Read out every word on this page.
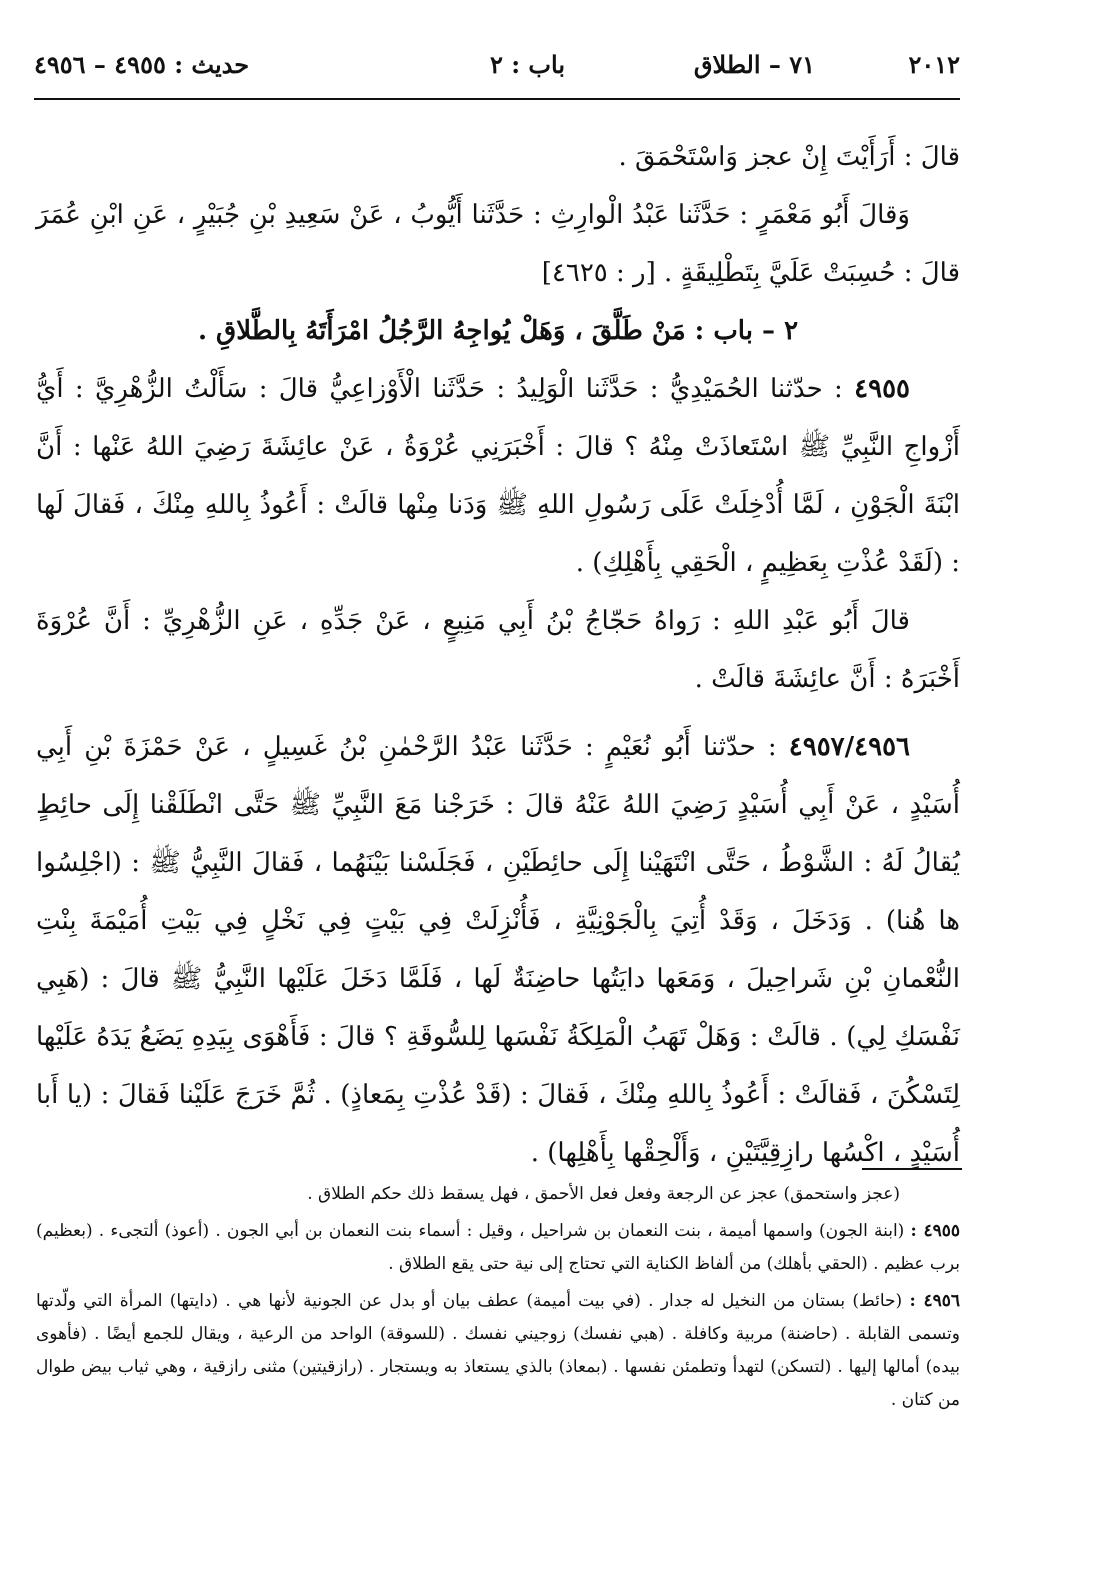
٢٠١٢
٧١ – الطلاق
باب : ٢
حديث : ٤٩٥٥ – ٤٩٥٦

قالَ : أَرَأَيْتَ إِنْ عجز وَاسْتَحْمَقَ .

وَقالَ أَبُو مَعْمَرٍ : حَدَّثَنا عَبْدُ الْوارِثِ : حَدَّثَنا أَيُّوبُ ، عَنْ سَعِيدِ بْنِ جُبَيْرٍ ، عَنِ ابْنِ عُمَرَ قالَ : حُسِبَتْ عَلَيَّ بِتَطْلِيقَةٍ . [ر : ٤٦٢٥]

٢ – باب : مَنْ طَلَّقَ ، وَهَلْ يُواجِهُ الرَّجُلُ امْرَأَتَهُ بِالطَّلاقِ .

٤٩٥٥ : حدّثنا الحُمَيْدِيُّ : حَدَّثَنا الْوَلِيدُ : حَدَّثَنا الْأَوْزاعِيُّ قالَ : سَأَلْتُ الزُّهْرِيَّ : أَيُّ أَزْواجِ النَّبِيِّ ﷺ اسْتَعاذَتْ مِنْهُ ؟ قالَ : أَخْبَرَنِي عُرْوَةُ ، عَنْ عائِشَةَ رَضِيَ اللهُ عَنْها : أَنَّ ابْنَةَ الْجَوْنِ ، لَمَّا أُدْخِلَتْ عَلَى رَسُولِ اللهِ ﷺ وَدَنا مِنْها قالَتْ : أَعُوذُ بِاللهِ مِنْكَ ، فَقالَ لَها : (لَقَدْ عُذْتِ بِعَظِيمٍ ، الْحَقِي بِأَهْلِكِ) .

قالَ أَبُو عَبْدِ اللهِ : رَواهُ حَجّاجُ بْنُ أَبِي مَنِيعٍ ، عَنْ جَدِّهِ ، عَنِ الزُّهْرِيِّ : أَنَّ عُرْوَةَ أَخْبَرَهُ : أَنَّ عائِشَةَ قالَتْ .

٤٩٥٧/٤٩٥٦ : حدّثنا أَبُو نُعَيْمٍ : حَدَّثَنا عَبْدُ الرَّحْمٰنِ بْنُ غَسِيلٍ ، عَنْ حَمْزَةَ بْنِ أَبِي أُسَيْدٍ ، عَنْ أَبِي أُسَيْدٍ رَضِيَ اللهُ عَنْهُ قالَ : خَرَجْنا مَعَ النَّبِيِّ ﷺ حَتَّى انْطَلَقْنا إِلَى حائِطٍ يُقالُ لَهُ : الشَّوْطُ ، حَتَّى انْتَهَيْنا إِلَى حائِطَيْنِ ، فَجَلَسْنا بَيْنَهُما ، فَقالَ النَّبِيُّ ﷺ : (اجْلِسُوا ها هُنا) . وَدَخَلَ ، وَقَدْ أُتِيَ بِالْجَوْنِيَّةِ ، فَأُنْزِلَتْ فِي بَيْتٍ فِي نَخْلٍ فِي بَيْتِ أُمَيْمَةَ بِنْتِ النُّعْمانِ بْنِ شَراحِيلَ ، وَمَعَها دايَتُها حاضِنَةٌ لَها ، فَلَمَّا دَخَلَ عَلَيْها النَّبِيُّ ﷺ قالَ : (هَبِي نَفْسَكِ لِي) . قالَتْ : وَهَلْ تَهَبُ الْمَلِكَةُ نَفْسَها لِلسُّوقَةِ ؟ قالَ : فَأَهْوَى بِيَدِهِ يَضَعُ يَدَهُ عَلَيْها لِتَسْكُنَ ، فَقالَتْ : أَعُوذُ بِاللهِ مِنْكَ ، فَقالَ : (قَدْ عُذْتِ بِمَعاذٍ) . ثُمَّ خَرَجَ عَلَيْنا فَقالَ : (يا أَبا أُسَيْدٍ ، اكْسُها رازِقِيَّتَيْنِ ، وَأَلْحِقْها بِأَهْلِها) .

(عجز واستحمق) عجز عن الرجعة وفعل فعل الأحمق ، فهل يسقط ذلك حكم الطلاق .

٤٩٥٥ : (ابنة الجون) واسمها أميمة ، بنت النعمان بن شراحيل ، وقيل : أسماء بنت النعمان بن أبي الجون . (أعوذ) ألتجىء . (بعظيم) برب عظيم . (الحقي بأهلك) من ألفاظ الكناية التي تحتاج إلى نية حتى يقع الطلاق .

٤٩٥٦ : (حائط) بستان من النخيل له جدار . (في بيت أميمة) عطف بيان أو بدل عن الجونية لأنها هي . (دايتها) المرأة التي ولّدتها وتسمى القابلة . (حاضنة) مربية وكافلة . (هبي نفسك) زوجيني نفسك . (للسوقة) الواحد من الرعية ، ويقال للجمع أيضًا . (فأهوى بيده) أمالها إليها . (لتسكن) لتهدأ وتطمئن نفسها . (بمعاذ) بالذي يستعاذ به ويستجار . (رازقيتين) مثنى رازقية ، وهي ثياب بيض طوال من كتان .
